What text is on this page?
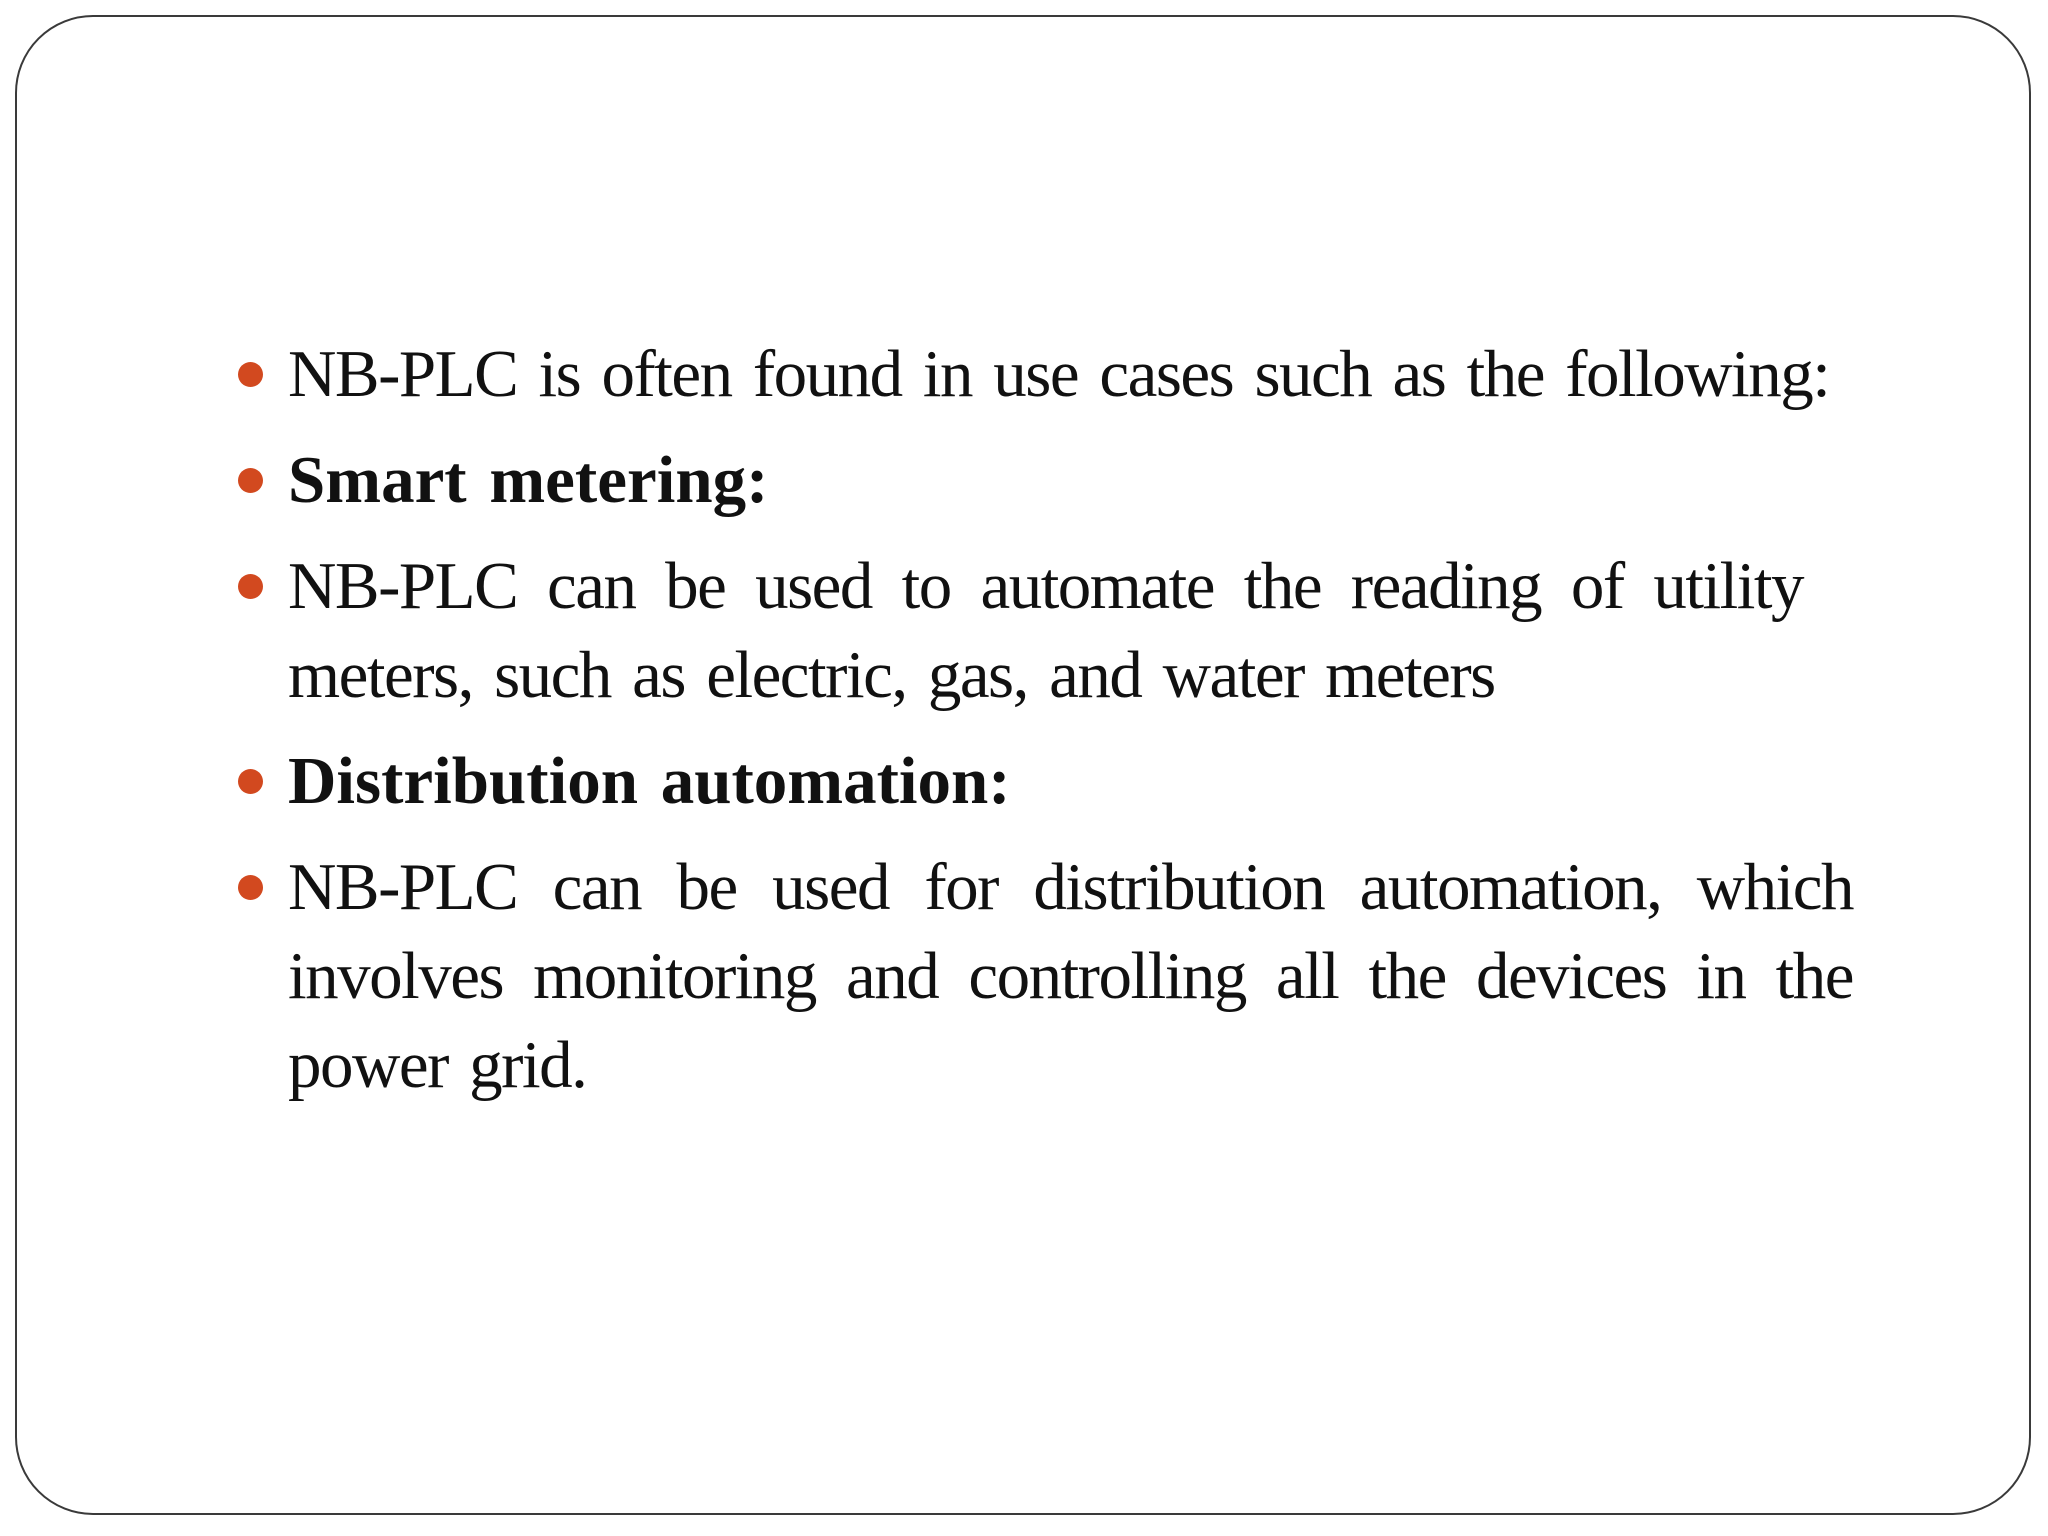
NB-PLC is often found in use cases such as the following:
Smart metering:
NB-PLC can be used to automate the reading of utility meters, such as electric, gas, and water meters
Distribution automation:
NB-PLC can be used for distribution automation, which involves monitoring and controlling all the devices in the power grid.
